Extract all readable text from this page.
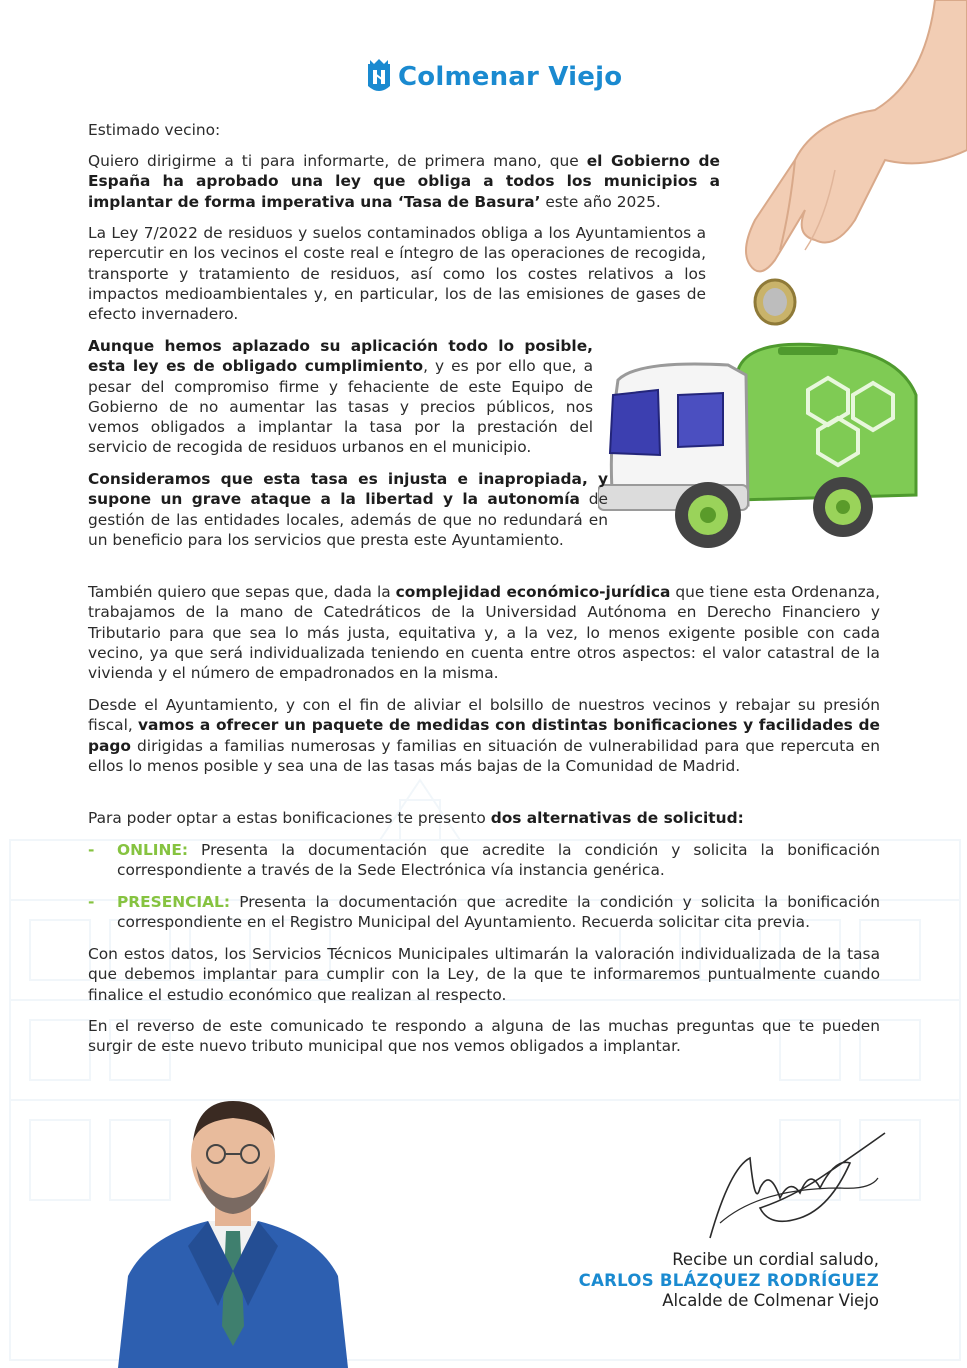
Colmenar Viejo

Estimado vecino:

Quiero dirigirme a ti para informarte, de primera mano, que el Gobierno de España ha aprobado una ley que obliga a todos los municipios a implantar de forma imperativa una ‘Tasa de Basura’ este año 2025.

La Ley 7/2022 de residuos y suelos contaminados obliga a los Ayuntamientos a repercutir en los vecinos el coste real e íntegro de las operaciones de recogida, transporte y tratamiento de residuos, así como los costes relativos a los impactos medioambientales y, en particular, los de las emisiones de gases de efecto invernadero.

Aunque hemos aplazado su aplicación todo lo posible, esta ley es de obligado cumplimiento, y es por ello que, a pesar del compromiso firme y fehaciente de este Equipo de Gobierno de no aumentar las tasas y precios públicos, nos vemos obligados a implantar la tasa por la prestación del servicio de recogida de residuos urbanos en el municipio.

Consideramos que esta tasa es injusta e inapropiada, y supone un grave ataque a la libertad y la autonomía de gestión de las entidades locales, además de que no redundará en un beneficio para los servicios que presta este Ayuntamiento.

También quiero que sepas que, dada la complejidad económico-jurídica que tiene esta Ordenanza, trabajamos de la mano de Catedráticos de la Universidad Autónoma en Derecho Financiero y Tributario para que sea lo más justa, equitativa y, a la vez, lo menos exigente posible con cada vecino, ya que será individualizada teniendo en cuenta entre otros aspectos: el valor catastral de la vivienda y el número de empadronados en la misma.

Desde el Ayuntamiento, y con el fin de aliviar el bolsillo de nuestros vecinos y rebajar su presión fiscal, vamos a ofrecer un paquete de medidas con distintas bonificaciones y facilidades de pago dirigidas a familias numerosas y familias en situación de vulnerabilidad para que repercuta en ellos lo menos posible y sea una de las tasas más bajas de la Comunidad de Madrid.

Para poder optar a estas bonificaciones te presento dos alternativas de solicitud:

- ONLINE: Presenta la documentación que acredite la condición y solicita la bonificación correspondiente a través de la Sede Electrónica vía instancia genérica.

- PRESENCIAL: Presenta la documentación que acredite la condición y solicita la bonificación correspondiente en el Registro Municipal del Ayuntamiento. Recuerda solicitar cita previa.

Con estos datos, los Servicios Técnicos Municipales ultimarán la valoración individualizada de la tasa que debemos implantar para cumplir con la Ley, de la que te informaremos puntualmente cuando finalice el estudio económico que realizan al respecto.

En el reverso de este comunicado te respondo a alguna de las muchas preguntas que te pueden surgir de este nuevo tributo municipal que nos vemos obligados a implantar.

Recibe un cordial saludo,
CARLOS BLÁZQUEZ RODRÍGUEZ
Alcalde de Colmenar Viejo
